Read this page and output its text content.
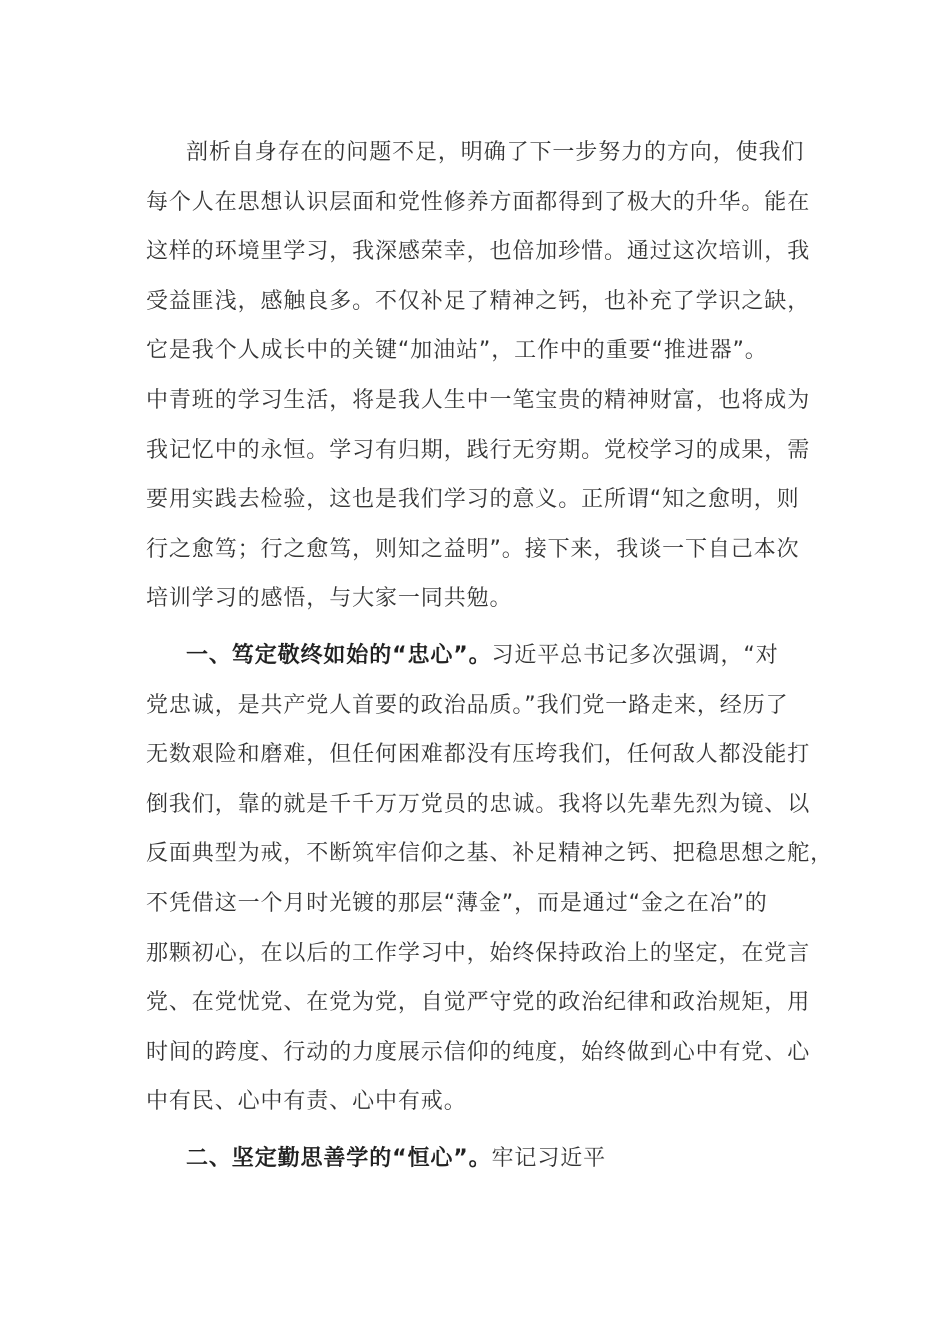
剖析自身存在的问题不足，明确了下一步努力的方向，使我们
每个人在思想认识层面和党性修养方面都得到了极大的升华。能在
这样的环境里学习，我深感荣幸，也倍加珍惜。通过这次培训，我
受益匪浅，感触良多。不仅补足了精神之钙，也补充了学识之缺，
它是我个人成长中的关键“加油站”，工作中的重要“推进器”。
中青班的学习生活，将是我人生中一笔宝贵的精神财富，也将成为
我记忆中的永恒。学习有归期，践行无穷期。党校学习的成果，需
要用实践去检验，这也是我们学习的意义。正所谓“知之愈明，则
行之愈笃；行之愈笃，则知之益明”。接下来，我谈一下自己本次
培训学习的感悟，与大家一同共勉。
一、笃定敬终如始的“忠心”。习近平总书记多次强调，“对
党忠诚，是共产党人首要的政治品质。”我们党一路走来，经历了
无数艰险和磨难，但任何困难都没有压垮我们，任何敌人都没能打
倒我们，靠的就是千千万万党员的忠诚。我将以先辈先烈为镜、以
反面典型为戒，不断筑牢信仰之基、补足精神之钙、把稳思想之舵，
不凭借这一个月时光镀的那层“薄金”，而是通过“金之在冶”的
那颗初心，在以后的工作学习中，始终保持政治上的坚定，在党言
党、在党忧党、在党为党，自觉严守党的政治纪律和政治规矩，用
时间的跨度、行动的力度展示信仰的纯度，始终做到心中有党、心
中有民、心中有责、心中有戒。
二、坚定勤思善学的“恒心”。牢记习近平
